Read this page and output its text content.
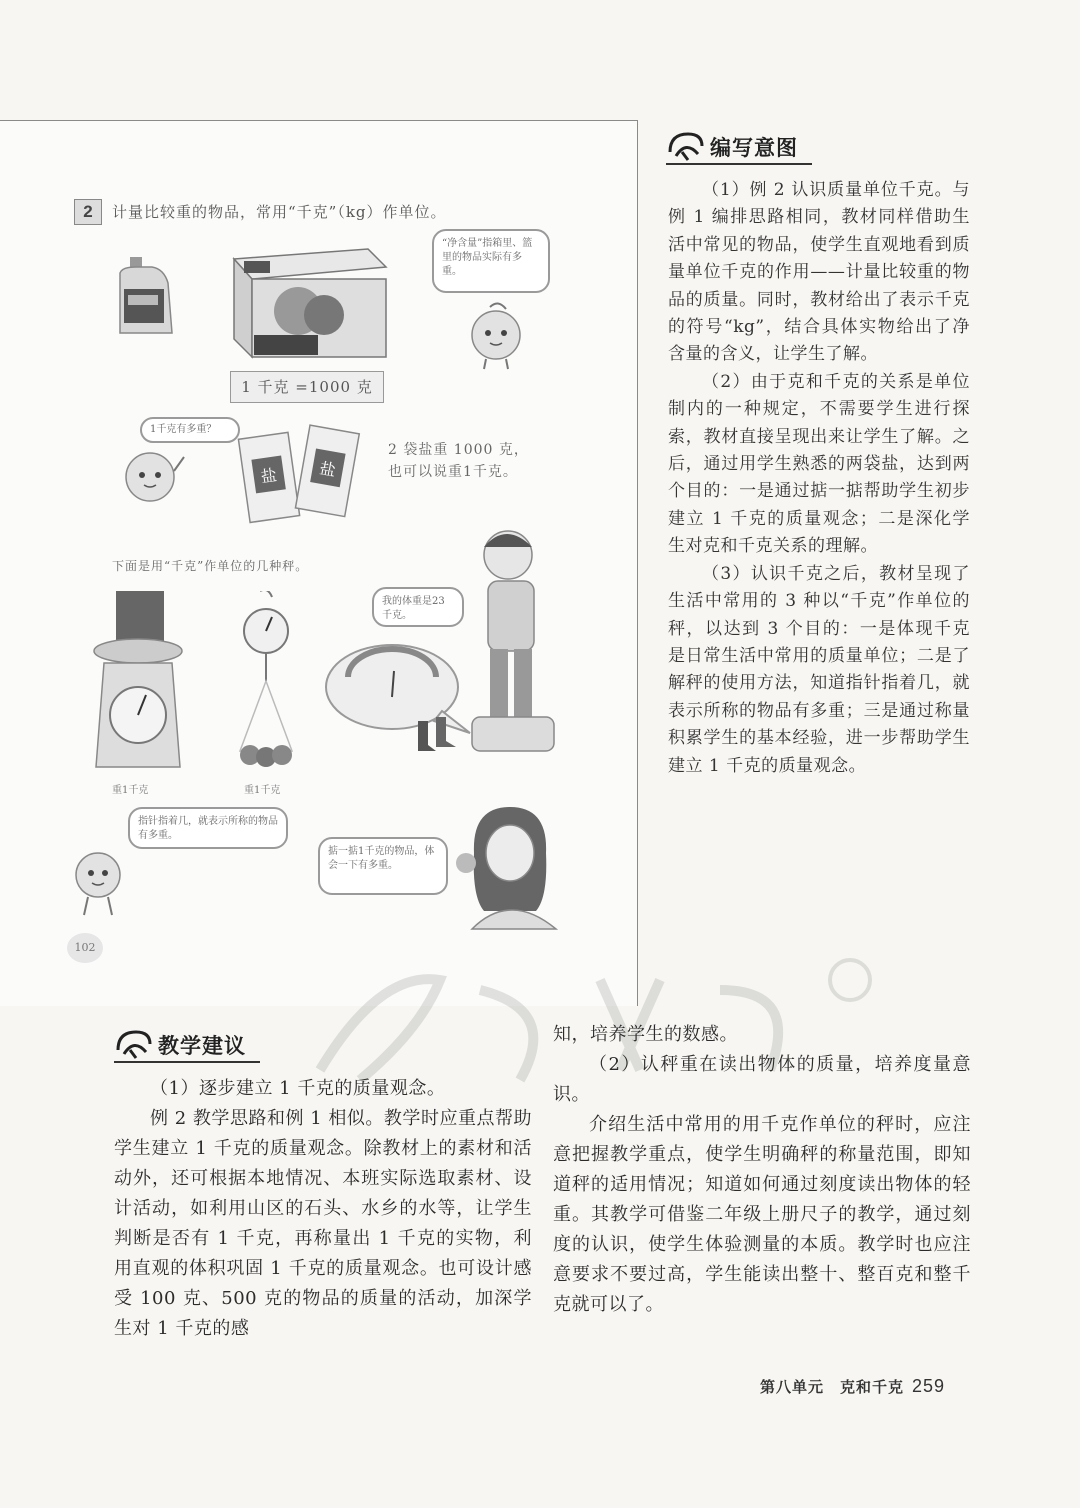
2	计量比较重的物品，常用“千克”（kg）作单位。
“净含量”指箱里、篮里的物品实际有多重。
1 千克 =1000 克
1千克有多重？
盐	盐
2 袋盐重 1000 克，
也可以说重1千克。
下面是用“千克”作单位的几种秤。
我的体重是23千克。
重1千克	重1千克
指针指着几，就表示所称的物品有多重。
掂一掂1千克的物品，体会一下有多重。
102
编写意图

（1）例 2 认识质量单位千克。与例 1 编排思路相同，教材同样借助生活中常见的物品，使学生直观地看到质量单位千克的作用——计量比较重的物品的质量。同时，教材给出了表示千克的符号“kg”，结合具体实物给出了净含量的含义，让学生了解。

（2）由于克和千克的关系是单位制内的一种规定，不需要学生进行探索，教材直接呈现出来让学生了解。之后，通过用学生熟悉的两袋盐，达到两个目的：一是通过掂一掂帮助学生初步建立 1 千克的质量观念；二是深化学生对克和千克关系的理解。

（3）认识千克之后，教材呈现了生活中常用的 3 种以“千克”作单位的秤，以达到 3 个目的：一是体现千克是日常生活中常用的质量单位；二是了解秤的使用方法，知道指针指着几，就表示所称的物品有多重；三是通过称量积累学生的基本经验，进一步帮助学生建立 1 千克的质量观念。

教学建议

（1）逐步建立 1 千克的质量观念。

例 2 教学思路和例 1 相似。教学时应重点帮助学生建立 1 千克的质量观念。除教材上的素材和活动外，还可根据本地情况、本班实际选取素材、设计活动，如利用山区的石头、水乡的水等，让学生判断是否有 1 千克，再称量出 1 千克的实物，利用直观的体积巩固 1 千克的质量观念。也可设计感受 100 克、500 克的物品的质量的活动，加深学生对 1 千克的感

知，培养学生的数感。

（2）认秤重在读出物体的质量，培养度量意识。

介绍生活中常用的用千克作单位的秤时，应注意把握教学重点，使学生明确秤的称量范围，即知道秤的适用情况；知道如何通过刻度读出物体的轻重。其教学可借鉴二年级上册尺子的教学，通过刻度的认识，使学生体验测量的本质。教学时也应注意要求不要过高，学生能读出整十、整百克和整千克就可以了。

第八单元　克和千克 259
